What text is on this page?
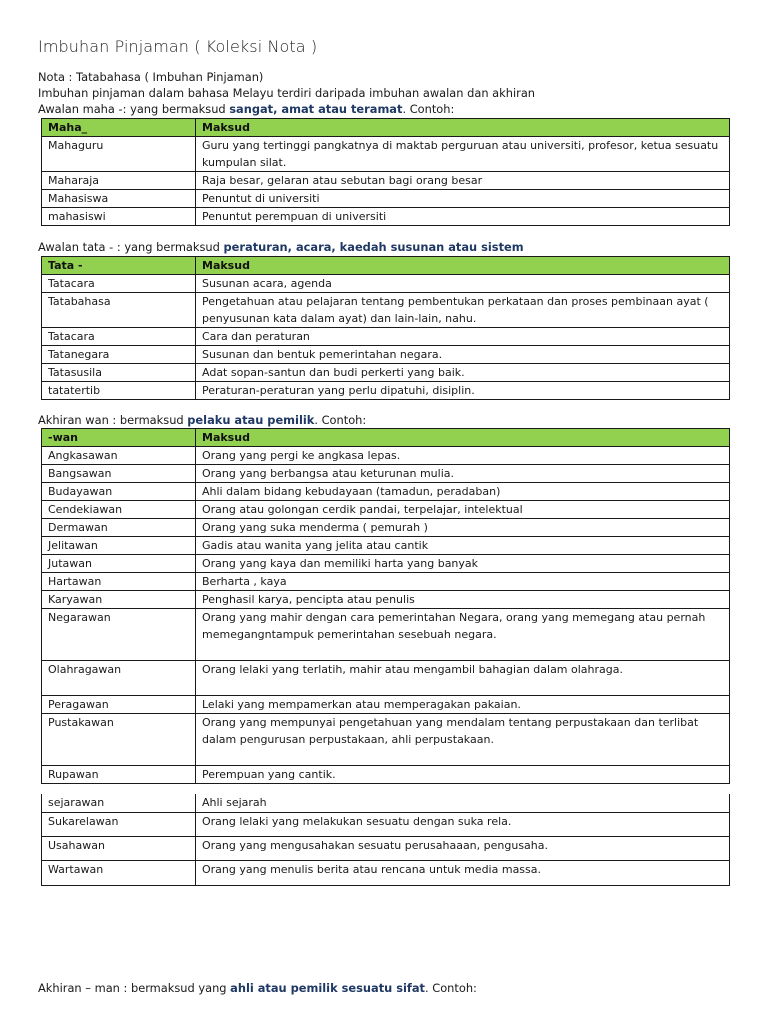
Imbuhan Pinjaman ( Koleksi Nota )
Nota : Tatabahasa ( Imbuhan Pinjaman)
Imbuhan pinjaman dalam bahasa Melayu terdiri daripada imbuhan awalan dan akhiran
Awalan maha -: yang bermaksud sangat, amat atau teramat. Contoh:
Maha_	Maksud
Mahaguru	Guru yang tertinggi pangkatnya di maktab perguruan atau universiti, profesor, ketua sesuatu kumpulan silat.
Maharaja	Raja besar, gelaran atau sebutan bagi orang besar
Mahasiswa	Penuntut di universiti
mahasiswi	Penuntut perempuan di universiti
Awalan tata - : yang bermaksud peraturan, acara, kaedah susunan atau sistem
Tata -	Maksud
Tatacara	Susunan acara, agenda
Tatabahasa	Pengetahuan atau pelajaran tentang pembentukan perkataan dan proses pembinaan ayat ( penyusunan kata dalam ayat) dan lain-lain, nahu.
Tatacara	Cara dan peraturan
Tatanegara	Susunan dan bentuk pemerintahan negara.
Tatasusila	Adat sopan-santun dan budi perkerti yang baik.
tatatertib	Peraturan-peraturan yang perlu dipatuhi, disiplin.
Akhiran wan : bermaksud pelaku atau pemilik. Contoh:
-wan	Maksud
Angkasawan	Orang yang pergi ke angkasa lepas.
Bangsawan	Orang yang berbangsa atau keturunan mulia.
Budayawan	Ahli dalam bidang kebudayaan (tamadun, peradaban)
Cendekiawan	Orang atau golongan cerdik pandai, terpelajar, intelektual
Dermawan	Orang yang suka menderma ( pemurah )
Jelitawan	Gadis atau wanita yang jelita atau cantik
Jutawan	Orang yang kaya dan memiliki harta yang banyak
Hartawan	Berharta , kaya
Karyawan	Penghasil karya, pencipta atau penulis
Negarawan	Orang yang mahir dengan cara pemerintahan Negara, orang yang memegang atau pernah memegangntampuk pemerintahan sesebuah negara.
Olahragawan	Orang lelaki yang terlatih, mahir atau mengambil bahagian dalam olahraga.
Peragawan	Lelaki yang mempamerkan atau memperagakan pakaian.
Pustakawan	Orang yang mempunyai pengetahuan yang mendalam tentang perpustakaan dan terlibat dalam pengurusan perpustakaan, ahli perpustakaan.
Rupawan	Perempuan yang cantik.
sejarawan	Ahli sejarah
Sukarelawan	Orang lelaki yang melakukan sesuatu dengan suka rela.
Usahawan	Orang yang mengusahakan sesuatu perusahaaan, pengusaha.
Wartawan	Orang yang menulis berita atau rencana untuk media massa.
Akhiran – man : bermaksud yang ahli atau pemilik sesuatu sifat. Contoh:
